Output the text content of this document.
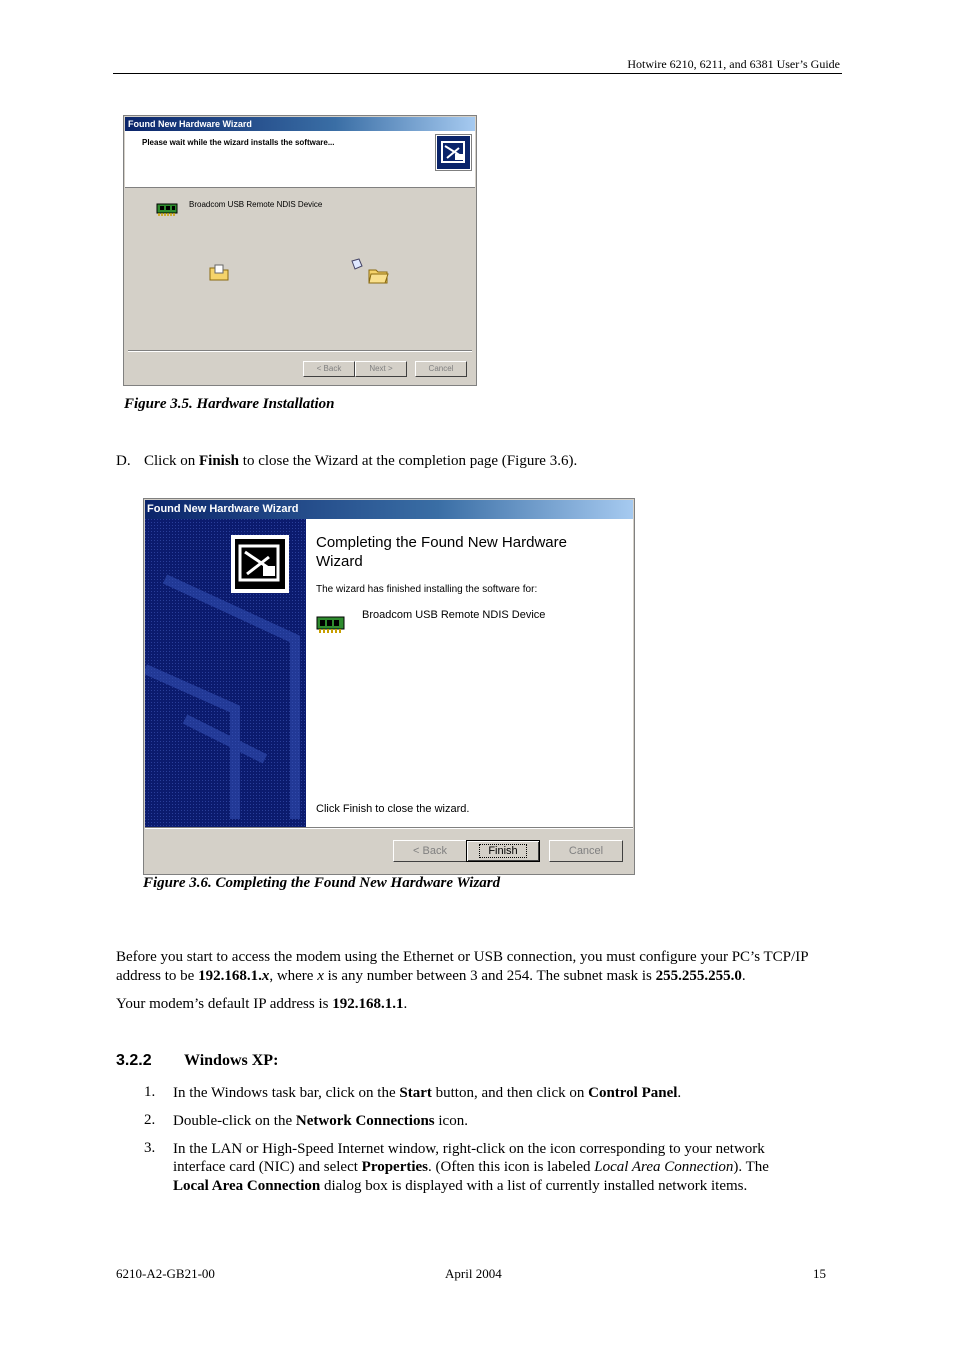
Hotwire 6210, 6211, and 6381 User’s Guide
Found New Hardware Wizard
Please wait while the wizard installs the software...
Broadcom USB Remote NDIS Device
< Back	Next >	Cancel
Figure 3.5. Hardware Installation
D. Click on Finish to close the Wizard at the completion page (Figure 3.6).
Found New Hardware Wizard
Completing the Found New Hardware Wizard
The wizard has finished installing the software for:
Broadcom USB Remote NDIS Device
Click Finish to close the wizard.
< Back	Finish	Cancel
Figure 3.6. Completing the Found New Hardware Wizard
Before you start to access the modem using the Ethernet or USB connection, you must configure your PC’s TCP/IP
address to be 192.168.1.x, where x is any number between 3 and 254. The subnet mask is 255.255.255.0.
Your modem’s default IP address is 192.168.1.1.
3.2.2 Windows XP:
1. In the Windows task bar, click on the Start button, and then click on Control Panel.
2. Double-click on the Network Connections icon.
3. In the LAN or High-Speed Internet window, right-click on the icon corresponding to your network
interface card (NIC) and select Properties. (Often this icon is labeled Local Area Connection). The
Local Area Connection dialog box is displayed with a list of currently installed network items.
6210-A2-GB21-00	April 2004	15
